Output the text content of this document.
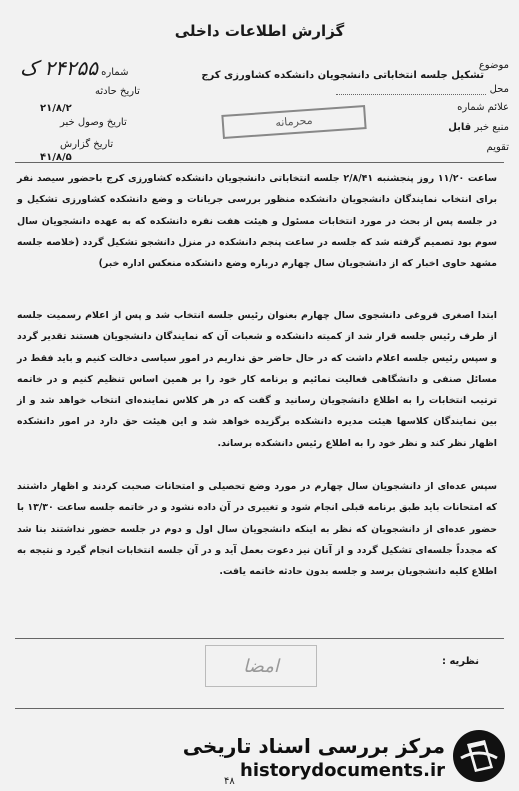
گزارش اطلاعات داخلی
شماره ۲۴۲۵۵ ک
تاریخ حادثه
۲۱/۸/۲
تاریخ وصول خبر
تاریخ گزارش
۴۱/۸/۵
موضوع
تشکیل جلسه انتخاباتی دانشجویان دانشکده کشاورزی کرج
محل
علائم شماره
منبع خبر قابل
تقویم
محرمانه
ساعت ۱۱/۲۰ روز پنجشنبه ۲/۸/۴۱ جلسه انتخاباتی دانشجویان دانشکده کشاورزی کرج باحضور سیصد نفر برای انتخاب نمایندگان دانشجویان دانشکده منظور بررسی جریانات و وضع دانشکده کشاورزی تشکیل و در جلسه پس از بحث در مورد انتخابات مسئول و هیئت هفت نفره دانشکده که به عهده دانشجویان سال سوم بود تصمیم گرفته شد که جلسه در ساعت پنجم دانشکده در منزل دانشجو تشکیل گردد (خلاصه جلسه مشهد حاوی اخبار که از دانشجویان سال چهارم درباره وضع دانشکده منعکس اداره خبر)
ابتدا اصغری فروغی دانشجوی سال چهارم بعنوان رئیس جلسه انتخاب شد و پس از اعلام رسمیت جلسه از طرف رئیس جلسه قرار شد از کمیته دانشکده و شعبات آن که نمایندگان دانشجویان هستند تقدیر گردد و سپس رئیس جلسه اعلام داشت که در حال حاضر حق نداریم در امور سیاسی دخالت کنیم و باید فقط در مسائل صنفی و دانشگاهی فعالیت نمائیم و برنامه کار خود را بر همین اساس تنظیم کنیم و در خاتمه ترتیب انتخابات را به اطلاع دانشجویان رسانید و گفت که در هر کلاس نماینده‌ای انتخاب خواهد شد و از بین نمایندگان کلاسها هیئت مدیره دانشکده برگزیده خواهد شد و این هیئت حق دارد در امور دانشکده اظهار نظر کند و نظر خود را به اطلاع رئیس دانشکده برساند.
سپس عده‌ای از دانشجویان سال چهارم در مورد وضع تحصیلی و امتحانات صحبت کردند و اظهار داشتند که امتحانات باید طبق برنامه قبلی انجام شود و تغییری در آن داده نشود و در خاتمه جلسه ساعت ۱۳/۳۰ با حضور عده‌ای از دانشجویان که نظر به اینکه دانشجویان سال اول و دوم در جلسه حضور نداشتند بنا شد که مجدداً جلسه‌ای تشکیل گردد و از آنان نیز دعوت بعمل آید و در آن جلسه انتخابات انجام گیرد و نتیجه به اطلاع کلیه دانشجویان برسد و جلسه بدون حادثه خاتمه یافت.
نظریه :
امضا
مرکز بررسی اسناد تاریخی
historydocuments.ir
۴۸
